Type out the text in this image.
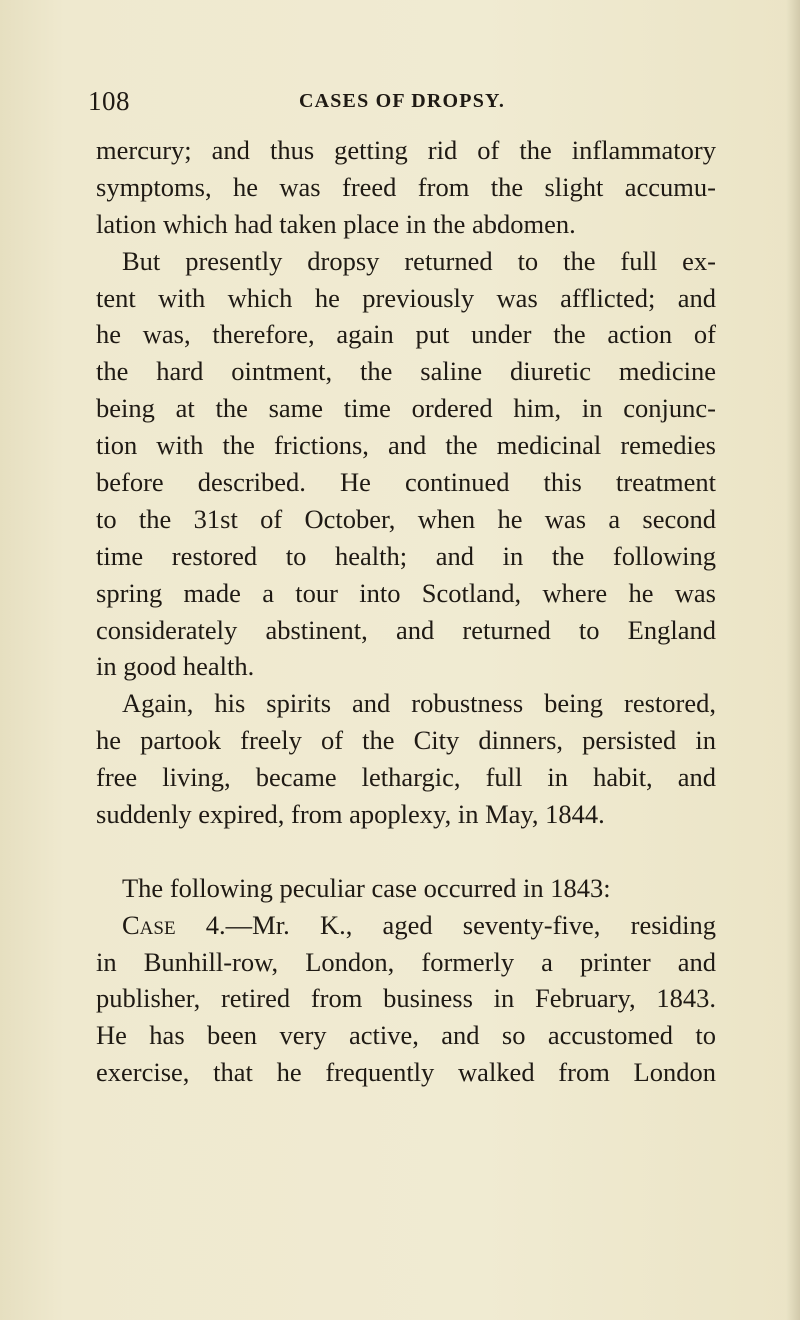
108	CASES OF DROPSY.
mercury; and thus getting rid of the inflammatory
symptoms, he was freed from the slight accumu-
lation which had taken place in the abdomen.
But presently dropsy returned to the full ex-
tent with which he previously was afflicted; and
he was, therefore, again put under the action of
the hard ointment, the saline diuretic medicine
being at the same time ordered him, in conjunc-
tion with the frictions, and the medicinal remedies
before described. He continued this treatment
to the 31st of October, when he was a second
time restored to health; and in the following
spring made a tour into Scotland, where he was
considerately abstinent, and returned to England
in good health.
Again, his spirits and robustness being restored,
he partook freely of the City dinners, persisted in
free living, became lethargic, full in habit, and
suddenly expired, from apoplexy, in May, 1844.
The following peculiar case occurred in 1843:
Case 4.—Mr. K., aged seventy-five, residing
in Bunhill-row, London, formerly a printer and
publisher, retired from business in February, 1843.
He has been very active, and so accustomed to
exercise, that he frequently walked from London
